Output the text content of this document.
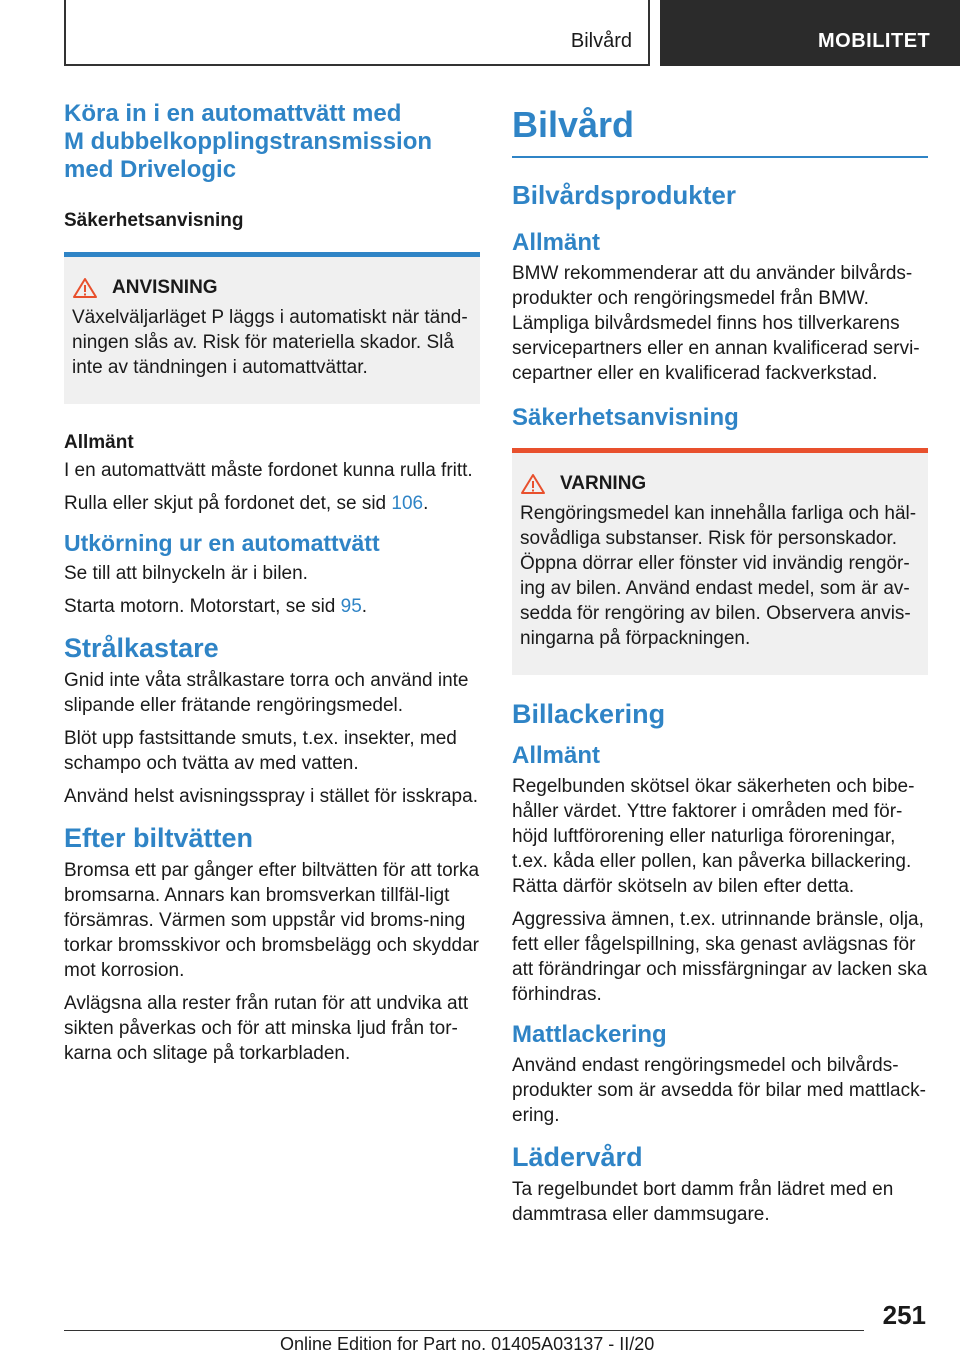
Bilvård	MOBILITET
Köra in i en automattvätt med
M dubbelkopplingstransmission
med Drivelogic
Säkerhetsanvisning
ANVISNING
Växelväljarläget P läggs i automatiskt när tänd-ningen slås av. Risk för materiella skador. Slå inte av tändningen i automattvättar.
Allmänt
I en automattvätt måste fordonet kunna rulla fritt.
Rulla eller skjut på fordonet det, se sid 106.
Utkörning ur en automattvätt
Se till att bilnyckeln är i bilen.
Starta motorn. Motorstart, se sid 95.
Strålkastare
Gnid inte våta strålkastare torra och använd inte slipande eller frätande rengöringsmedel.
Blöt upp fastsittande smuts, t.ex. insekter, med schampo och tvätta av med vatten.
Använd helst avisningsspray i stället för isskrapa.
Efter biltvätten
Bromsa ett par gånger efter biltvätten för att torka bromsarna. Annars kan bromsverkan tillfäl-ligt försämras. Värmen som uppstår vid broms-ning torkar bromsskivor och bromsbelägg och skyddar mot korrosion.
Avlägsna alla rester från rutan för att undvika att sikten påverkas och för att minska ljud från tor-karna och slitage på torkarbladen.
Bilvård
Bilvårdsprodukter
Allmänt
BMW rekommenderar att du använder bilvårds-produkter och rengöringsmedel från BMW. Lämpliga bilvårdsmedel finns hos tillverkarens servicepartners eller en annan kvalificerad servi-cepartner eller en kvalificerad fackverkstad.
Säkerhetsanvisning
VARNING
Rengöringsmedel kan innehålla farliga och häl-sovådliga substanser. Risk för personskador. Öppna dörrar eller fönster vid invändig rengör-ing av bilen. Använd endast medel, som är av-sedda för rengöring av bilen. Observera anvis-ningarna på förpackningen.
Billackering
Allmänt
Regelbunden skötsel ökar säkerheten och bibe-håller värdet. Yttre faktorer i områden med för-höjd luftförorening eller naturliga föroreningar, t.ex. kåda eller pollen, kan påverka billackering. Rätta därför skötseln av bilen efter detta.
Aggressiva ämnen, t.ex. utrinnande bränsle, olja, fett eller fågelspillning, ska genast avlägsnas för att förändringar och missfärgningar av lacken ska förhindras.
Mattlackering
Använd endast rengöringsmedel och bilvårds-produkter som är avsedda för bilar med mattlack-ering.
Lädervård
Ta regelbundet bort damm från lädret med en dammtrasa eller dammsugare.
251
Online Edition for Part no. 01405A03137 - II/20
